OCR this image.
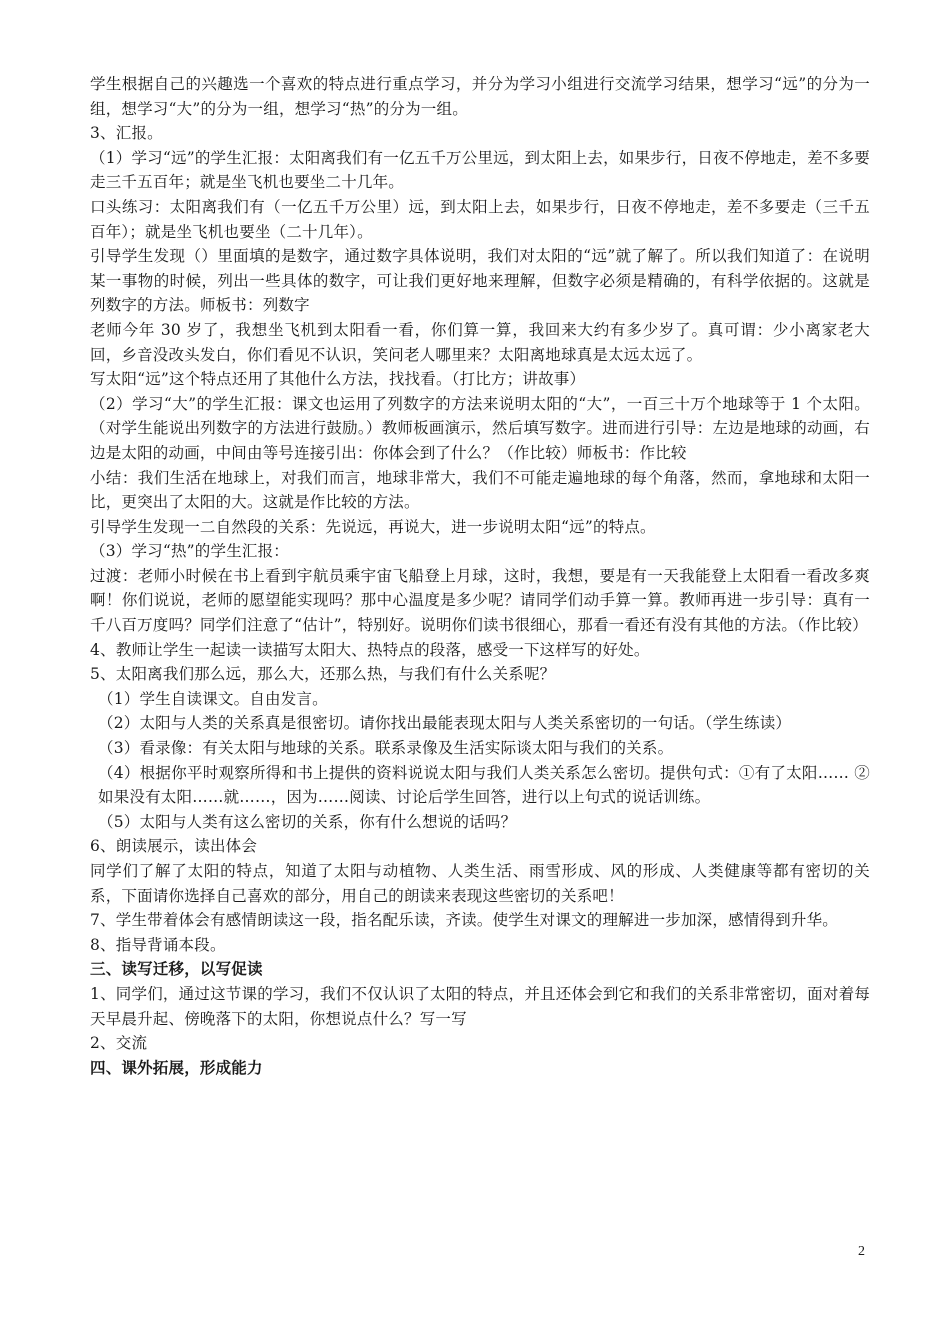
学生根据自己的兴趣选一个喜欢的特点进行重点学习，并分为学习小组进行交流学习结果，想学习“远”的分为一组，想学习“大”的分为一组，想学习“热”的分为一组。

3、汇报。

（1）学习“远”的学生汇报：太阳离我们有一亿五千万公里远，到太阳上去，如果步行，日夜不停地走，差不多要走三千五百年；就是坐飞机也要坐二十几年。

口头练习：太阳离我们有（一亿五千万公里）远，到太阳上去，如果步行，日夜不停地走，差不多要走（三千五百年）；就是坐飞机也要坐（二十几年）。

引导学生发现（）里面填的是数字，通过数字具体说明，我们对太阳的“远”就了解了。所以我们知道了：在说明某一事物的时候，列出一些具体的数字，可让我们更好地来理解，但数字必须是精确的，有科学依据的。这就是列数字的方法。师板书：列数字

老师今年 30 岁了，我想坐飞机到太阳看一看，你们算一算，我回来大约有多少岁了。真可谓：少小离家老大回，乡音没改头发白，你们看见不认识，笑问老人哪里来？太阳离地球真是太远太远了。

写太阳“远”这个特点还用了其他什么方法，找找看。（打比方；讲故事）

（2）学习“大”的学生汇报：课文也运用了列数字的方法来说明太阳的“大”，一百三十万个地球等于 1 个太阳。（对学生能说出列数字的方法进行鼓励。）教师板画演示，然后填写数字。进而进行引导：左边是地球的动画，右边是太阳的动画，中间由等号连接引出：你体会到了什么？（作比较）师板书：作比较

小结：我们生活在地球上，对我们而言，地球非常大，我们不可能走遍地球的每个角落，然而，拿地球和太阳一比，更突出了太阳的大。这就是作比较的方法。

引导学生发现一二自然段的关系：先说远，再说大，进一步说明太阳“远”的特点。

（3）学习“热”的学生汇报：

过渡：老师小时候在书上看到宇航员乘宇宙飞船登上月球，这时，我想，要是有一天我能登上太阳看一看改多爽啊！你们说说，老师的愿望能实现吗？那中心温度是多少呢？请同学们动手算一算。教师再进一步引导：真有一千八百万度吗？同学们注意了“估计”，特别好。说明你们读书很细心，那看一看还有没有其他的方法。（作比较）

4、教师让学生一起读一读描写太阳大、热特点的段落，感受一下这样写的好处。

5、太阳离我们那么远，那么大，还那么热，与我们有什么关系呢？

（1）学生自读课文。自由发言。

（2）太阳与人类的关系真是很密切。请你找出最能表现太阳与人类关系密切的一句话。（学生练读）

（3）看录像：有关太阳与地球的关系。联系录像及生活实际谈太阳与我们的关系。

（4）根据你平时观察所得和书上提供的资料说说太阳与我们人类关系怎么密切。提供句式：①有了太阳…… ②如果没有太阳……就……，因为……阅读、讨论后学生回答，进行以上句式的说话训练。

（5）太阳与人类有这么密切的关系，你有什么想说的话吗？

6、朗读展示，读出体会

同学们了解了太阳的特点，知道了太阳与动植物、人类生活、雨雪形成、风的形成、人类健康等都有密切的关系，下面请你选择自己喜欢的部分，用自己的朗读来表现这些密切的关系吧！

7、学生带着体会有感情朗读这一段，指名配乐读，齐读。使学生对课文的理解进一步加深，感情得到升华。

8、指导背诵本段。

三、读写迁移，以写促读

1、同学们，通过这节课的学习，我们不仅认识了太阳的特点，并且还体会到它和我们的关系非常密切，面对着每天早晨升起、傍晚落下的太阳，你想说点什么？写一写

2、交流

四、课外拓展，形成能力

2
